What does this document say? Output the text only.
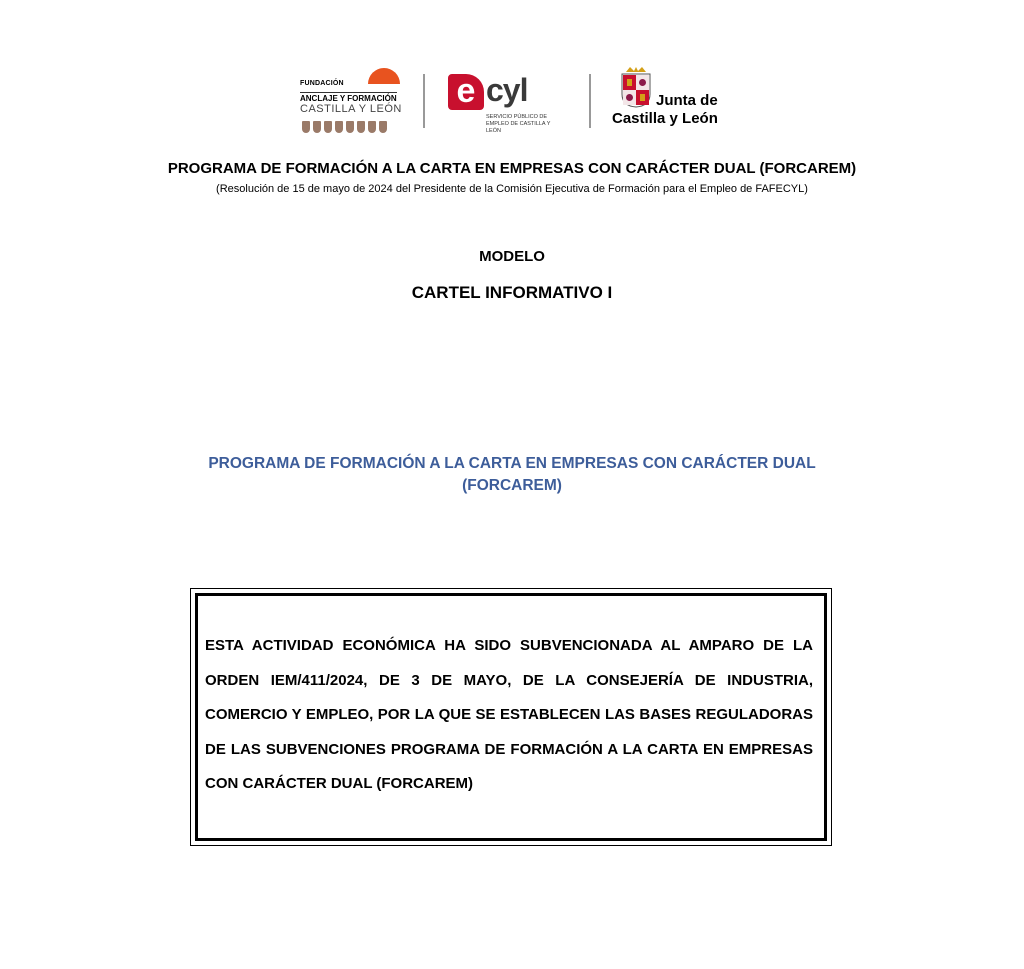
FUNDACIÓN
ANCLAJE Y FORMACIÓN
CASTILLA Y LEÓN e cyl
SERVICIO PÚBLICO DE EMPLEO DE CASTILLA Y LEÓN
Junta de
Castilla y León
PROGRAMA DE FORMACIÓN A LA CARTA EN EMPRESAS CON CARÁCTER DUAL (FORCAREM)
(Resolución de 15 de mayo de 2024 del Presidente de la Comisión Ejecutiva de Formación para el Empleo de FAFECYL)
MODELO
CARTEL INFORMATIVO I
PROGRAMA DE FORMACIÓN A LA CARTA EN EMPRESAS CON CARÁCTER DUAL
(FORCAREM)
ESTA ACTIVIDAD ECONÓMICA HA SIDO SUBVENCIONADA AL AMPARO DE LA ORDEN IEM/411/2024, DE 3 DE MAYO, DE LA CONSEJERÍA DE INDUSTRIA, COMERCIO Y EMPLEO, POR LA QUE SE ESTABLECEN LAS BASES REGULADORAS DE LAS SUBVENCIONES PROGRAMA DE FORMACIÓN A LA CARTA EN EMPRESAS CON CARÁCTER DUAL (FORCAREM)
